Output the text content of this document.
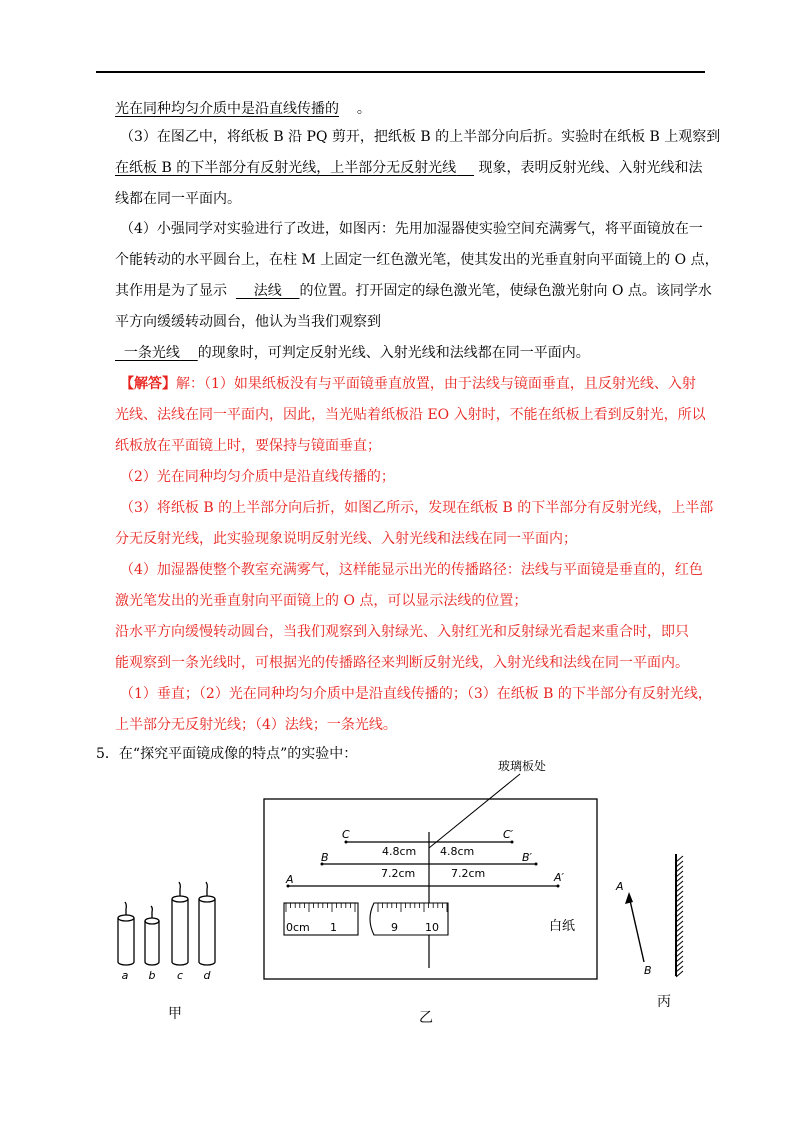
光在同种均匀介质中是沿直线传播的 。
（3）在图乙中，将纸板 B 沿 PQ 剪开，把纸板 B 的上半部分向后折。实验时在纸板 B 上观察到
在纸板 B 的下半部分有反射光线，上半部分无反射光线 现象，表明反射光线、入射光线和法
线都在同一平面内。
（4）小强同学对实验进行了改进，如图丙：先用加湿器使实验空间充满雾气，将平面镜放在一
个能转动的水平圆台上，在柱 M 上固定一红色激光笔，使其发出的光垂直射向平面镜上的 O 点，
其作用是为了显示 法线 的位置。打开固定的绿色激光笔，使绿色激光射向 O 点。该同学水
平方向缓缓转动圆台，他认为当我们观察到
一条光线 的现象时，可判定反射光线、入射光线和法线都在同一平面内。
【解答】解：（1）如果纸板没有与平面镜垂直放置，由于法线与镜面垂直，且反射光线、入射
光线、法线在同一平面内，因此，当光贴着纸板沿 EO 入射时，不能在纸板上看到反射光，所以
纸板放在平面镜上时，要保持与镜面垂直；
（2）光在同种均匀介质中是沿直线传播的；
（3）将纸板 B 的上半部分向后折，如图乙所示，发现在纸板 B 的下半部分有反射光线，上半部
分无反射光线，此实验现象说明反射光线、入射光线和法线在同一平面内；
（4）加湿器使整个教室充满雾气，这样能显示出光的传播路径：法线与平面镜是垂直的，红色
激光笔发出的光垂直射向平面镜上的 O 点，可以显示法线的位置；
沿水平方向缓慢转动圆台，当我们观察到入射绿光、入射红光和反射绿光看起来重合时，即只
能观察到一条光线时，可根据光的传播路径来判断反射光线，入射光线和法线在同一平面内。
（1）垂直；（2）光在同种均匀介质中是沿直线传播的；（3）在纸板 B 的下半部分有反射光线，
上半部分无反射光线；（4）法线；一条光线。
5．在“探究平面镜成像的特点”的实验中：
a b c d
甲
玻璃板处
C	C′
4.8cm 4.8cm
B	B′
7.2cm	7.2cm
A	A′
0cm 1	9 10	白纸
乙
A
B
丙
